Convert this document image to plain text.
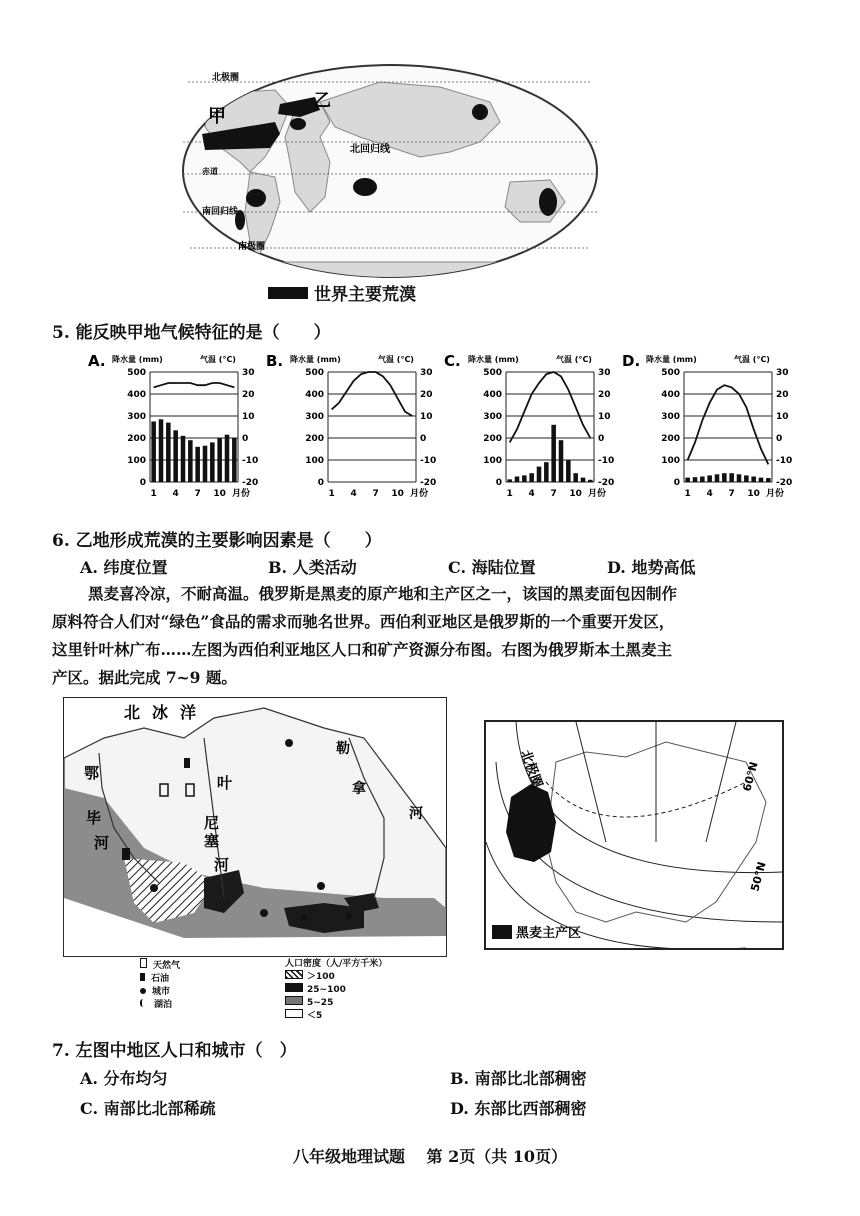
北极圈
甲
乙
北回归线
赤道
南回归线
南极圈
世界主要荒漠
5. 能反映甲地气候特征的是（　　）
A. 降水量 (mm)	气温 (°C)
0
100
200
300
400
500	30
20
10
0
-10
-20
1 4 7 10 月份
B. 降水量 (mm)	气温 (°C)
0
100
200
300
400
500	30
20
10
0
-10
-20
1 4 7 10 月份
C. 降水量 (mm)	气温 (°C)
0
100
200
300
400
500	30
20
10
0
-10
-20
1 4 7 10 月份
D. 降水量 (mm)	气温 (°C)
0
100
200
300
400
500	30
20
10
0
-10
-20
1 4 7 10 月份
6. 乙地形成荒漠的主要影响因素是（　　）
A. 纬度位置	B. 人类活动	C. 海陆位置	D. 地势高低
黑麦喜冷凉，不耐高温。俄罗斯是黑麦的原产地和主产区之一，该国的黑麦面包因制作
原料符合人们对“绿色”食品的需求而驰名世界。西伯利亚地区是俄罗斯的一个重要开发区，
这里针叶林广布……左图为西伯利亚地区人口和矿产资源分布图。右图为俄罗斯本土黑麦主
产区。据此完成 7~9 题。
北冰洋
鄂
毕
河
叶
尼
塞
河
勒
拿
河
天然气
石油
城市
湖泊
人口密度（人/平方千米）
＞100
25~100
5~25
＜5
北极圈	60°N
50°N
黑麦主产区
7. 左图中地区人口和城市（　）
A. 分布均匀	B. 南部比北部稠密
C. 南部比北部稀疏	D. 东部比西部稠密
八年级地理试题　 第 2页（共 10页）
